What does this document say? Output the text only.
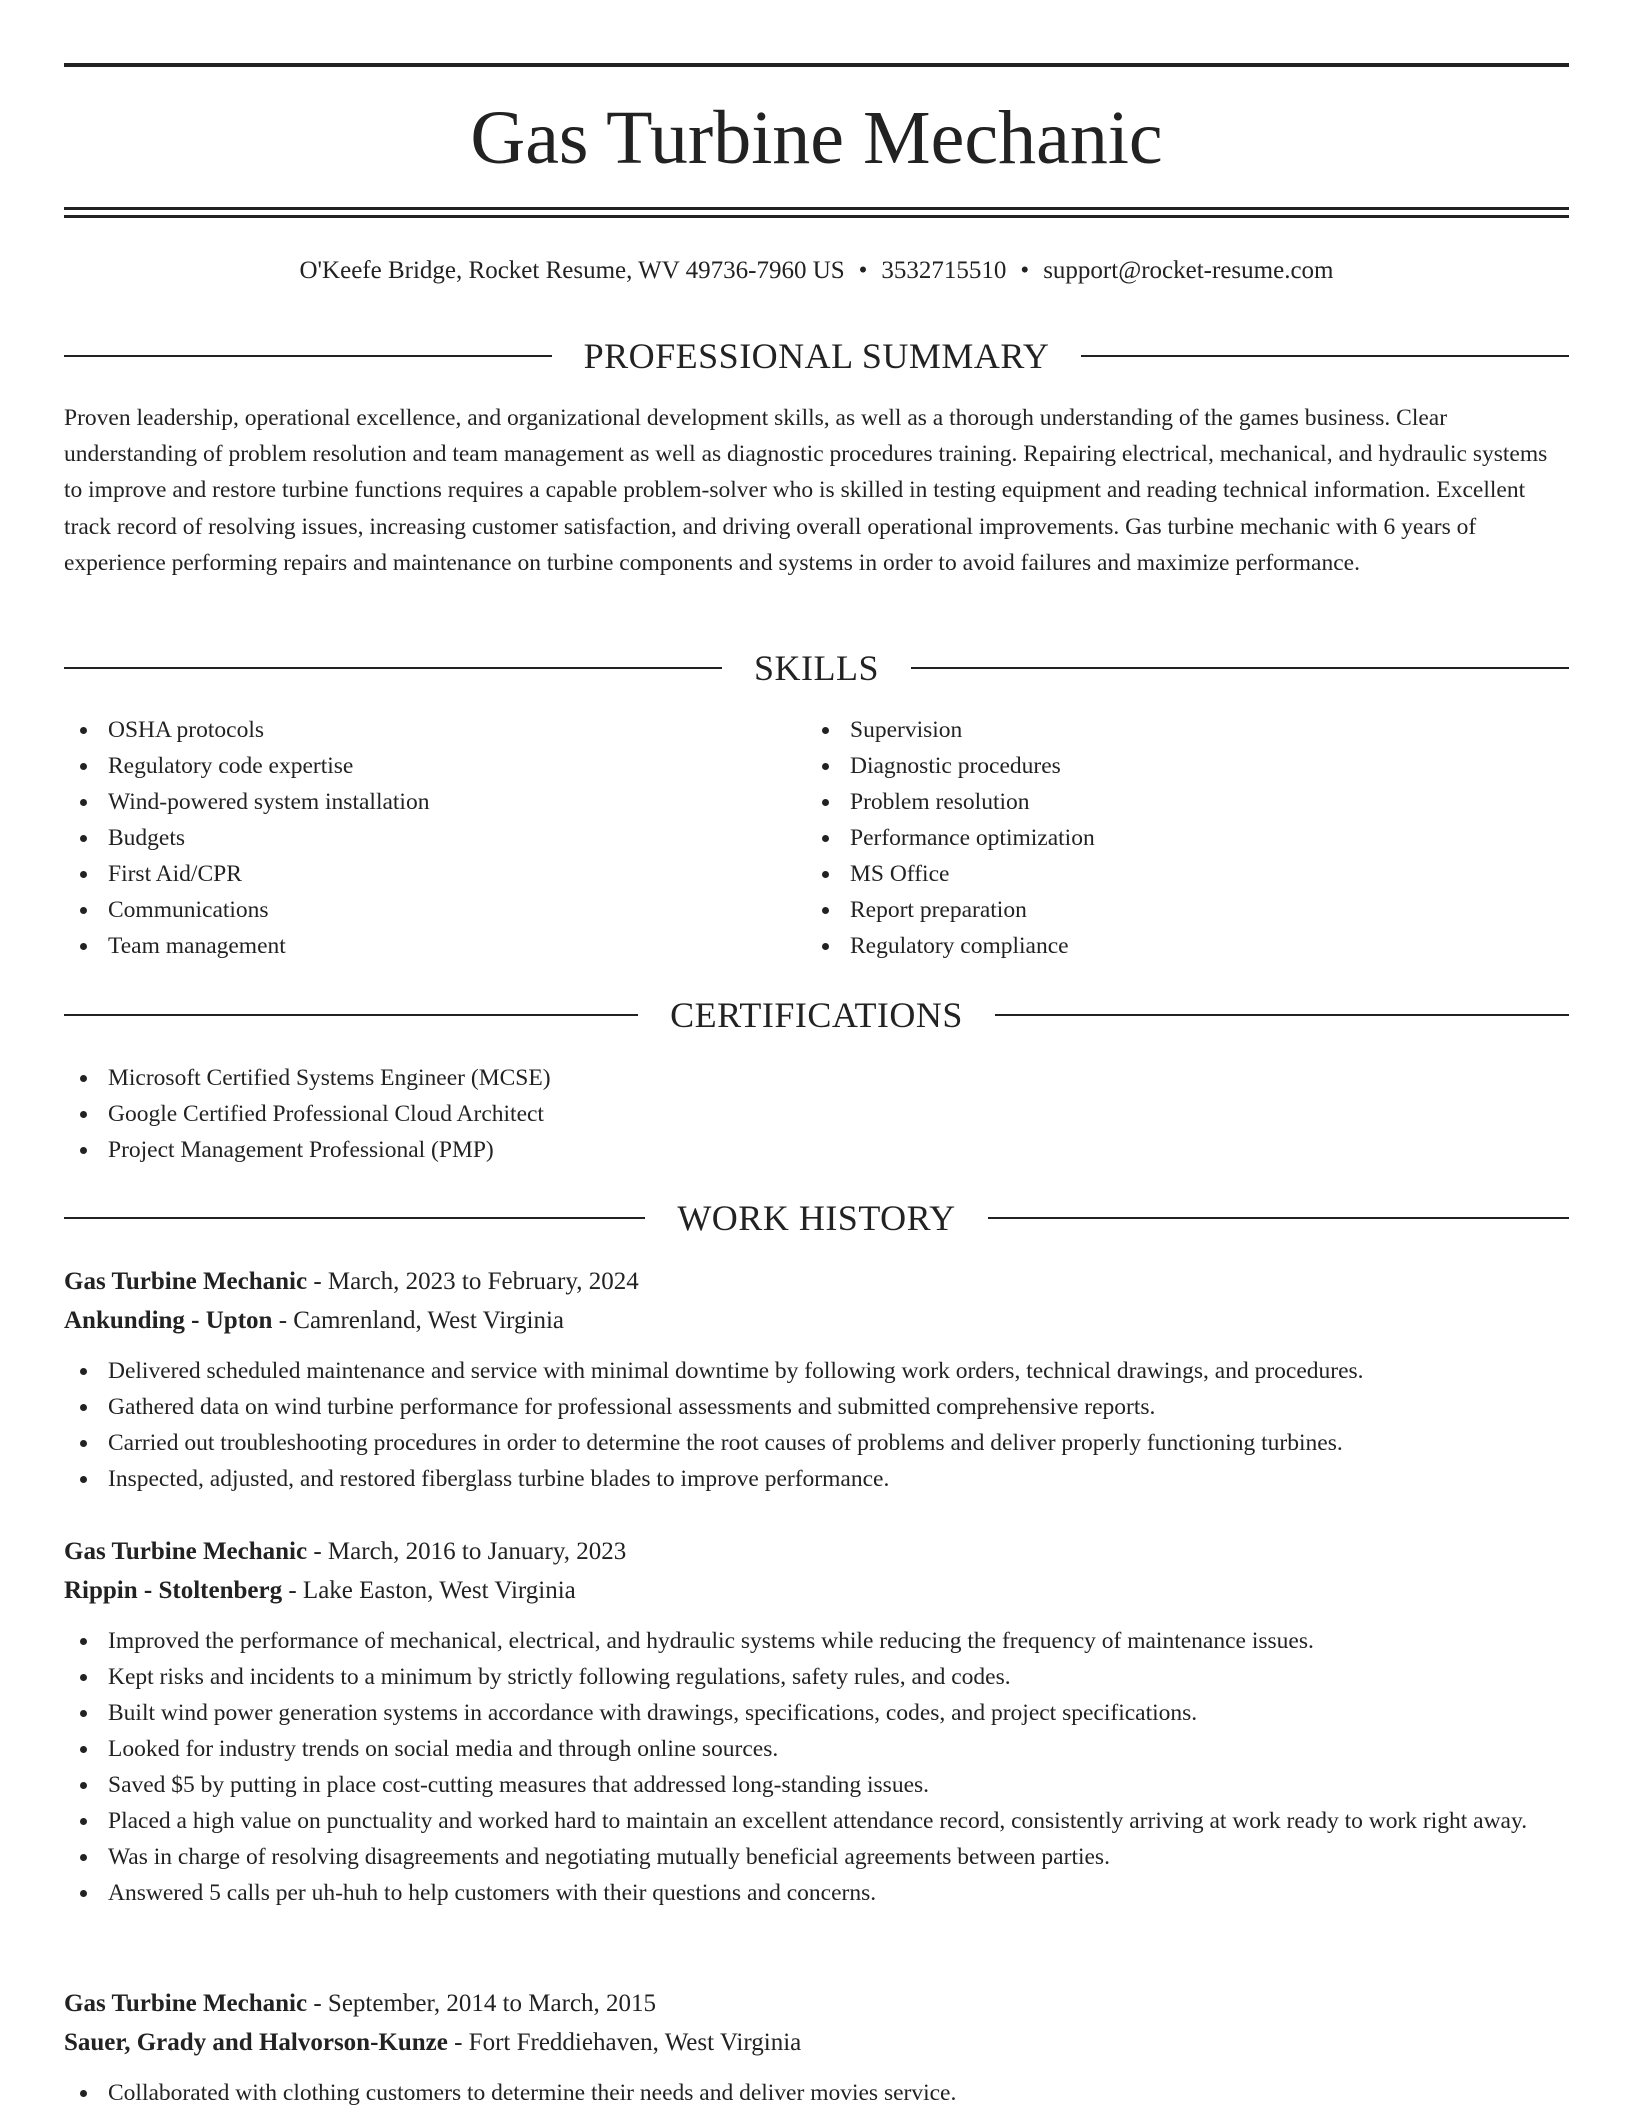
Gas Turbine Mechanic
O'Keefe Bridge, Rocket Resume, WV 49736-7960 US • 3532715510 • support@rocket-resume.com
PROFESSIONAL SUMMARY

Proven leadership, operational excellence, and organizational development skills, as well as a thorough understanding of the games business. Clear understanding of problem resolution and team management as well as diagnostic procedures training. Repairing electrical, mechanical, and hydraulic systems to improve and restore turbine functions requires a capable problem-solver who is skilled in testing equipment and reading technical information. Excellent track record of resolving issues, increasing customer satisfaction, and driving overall operational improvements. Gas turbine mechanic with 6 years of experience performing repairs and maintenance on turbine components and systems in order to avoid failures and maximize performance.

SKILLS
OSHA protocols
Regulatory code expertise
Wind-powered system installation
Budgets
First Aid/CPR
Communications
Team management
Supervision
Diagnostic procedures
Problem resolution
Performance optimization
MS Office
Report preparation
Regulatory compliance
CERTIFICATIONS
Microsoft Certified Systems Engineer (MCSE)
Google Certified Professional Cloud Architect
Project Management Professional (PMP)
WORK HISTORY
Gas Turbine Mechanic - March, 2023 to February, 2024
Ankunding - Upton - Camrenland, West Virginia
Delivered scheduled maintenance and service with minimal downtime by following work orders, technical drawings, and procedures.
Gathered data on wind turbine performance for professional assessments and submitted comprehensive reports.
Carried out troubleshooting procedures in order to determine the root causes of problems and deliver properly functioning turbines.
Inspected, adjusted, and restored fiberglass turbine blades to improve performance.
Gas Turbine Mechanic - March, 2016 to January, 2023
Rippin - Stoltenberg - Lake Easton, West Virginia
Improved the performance of mechanical, electrical, and hydraulic systems while reducing the frequency of maintenance issues.
Kept risks and incidents to a minimum by strictly following regulations, safety rules, and codes.
Built wind power generation systems in accordance with drawings, specifications, codes, and project specifications.
Looked for industry trends on social media and through online sources.
Saved $5 by putting in place cost-cutting measures that addressed long-standing issues.
Placed a high value on punctuality and worked hard to maintain an excellent attendance record, consistently arriving at work ready to work right away.
Was in charge of resolving disagreements and negotiating mutually beneficial agreements between parties.
Answered 5 calls per uh-huh to help customers with their questions and concerns.
Gas Turbine Mechanic - September, 2014 to March, 2015
Sauer, Grady and Halvorson-Kunze - Fort Freddiehaven, West Virginia
Collaborated with clothing customers to determine their needs and deliver movies service.
